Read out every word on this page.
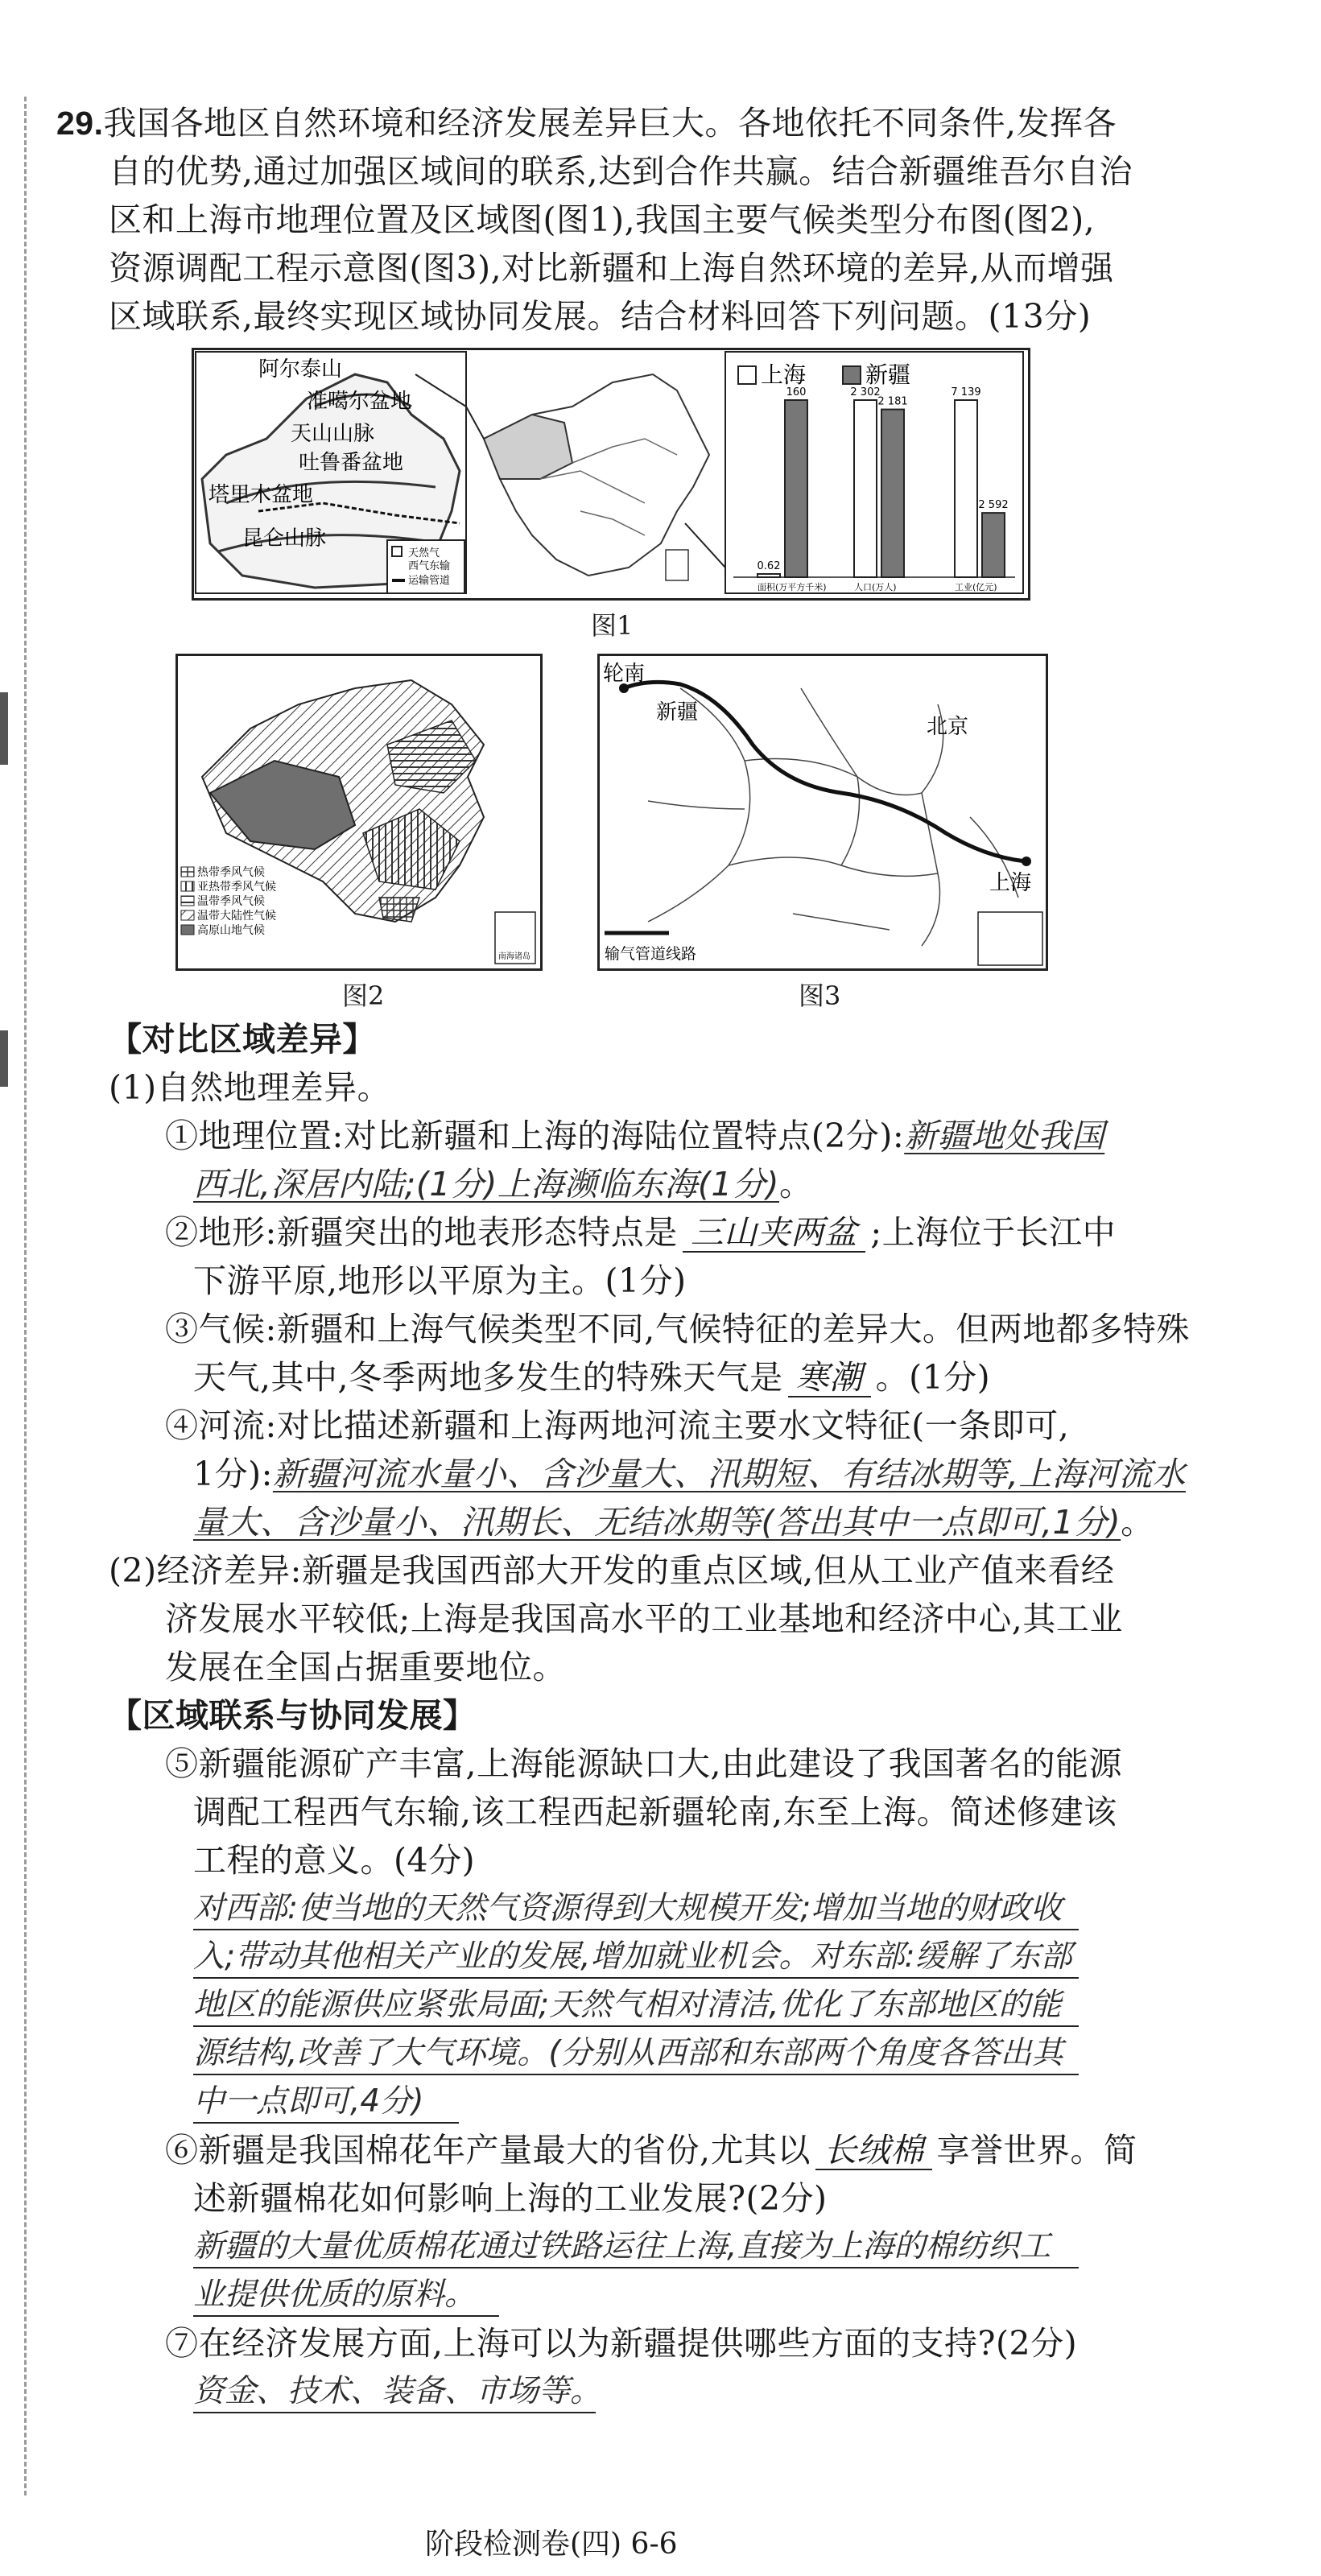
29.我国各地区自然环境和经济发展差异巨大。各地依托不同条件,发挥各
自的优势,通过加强区域间的联系,达到合作共赢。结合新疆维吾尔自治
区和上海市地理位置及区域图(图1),我国主要气候类型分布图(图2),
资源调配工程示意图(图3),对比新疆和上海自然环境的差异,从而增强
区域联系,最终实现区域协同发展。结合材料回答下列问题。(13分)
阿尔泰山
准噶尔盆地
天山山脉
吐鲁番盆地
塔里木盆地
昆仑山脉
天然气
西气东输
运输管道
上海	新疆
0.62
160	2 302
2 181
7 139
2 592
面积(万平方千米)	人口(万人)	工业(亿元)
图1
热带季风气候
亚热带季风气候
温带季风气候
温带大陆性气候
高原山地气候
南海诸岛
图2
轮南
新疆
北京
上海
输气管道线路
图3
【对比区域差异】
(1)自然地理差异。
①地理位置:对比新疆和上海的海陆位置特点(2分):新疆地处我国
西北,深居内陆;(1分)上海濒临东海(1分)。
②地形:新疆突出的地表形态特点是 三山夹两盆 ;上海位于长江中
下游平原,地形以平原为主。(1分)
③气候:新疆和上海气候类型不同,气候特征的差异大。但两地都多特殊
天气,其中,冬季两地多发生的特殊天气是 寒潮 。(1分)
④河流:对比描述新疆和上海两地河流主要水文特征(一条即可,
1分):新疆河流水量小、含沙量大、汛期短、有结冰期等,上海河流水
量大、含沙量小、汛期长、无结冰期等(答出其中一点即可,1分)。
(2)经济差异:新疆是我国西部大开发的重点区域,但从工业产值来看经
济发展水平较低;上海是我国高水平的工业基地和经济中心,其工业
发展在全国占据重要地位。
【区域联系与协同发展】
⑤新疆能源矿产丰富,上海能源缺口大,由此建设了我国著名的能源
调配工程西气东输,该工程西起新疆轮南,东至上海。简述修建该
工程的意义。(4分)
对西部:使当地的天然气资源得到大规模开发;增加当地的财政收
入;带动其他相关产业的发展,增加就业机会。对东部:缓解了东部
地区的能源供应紧张局面;天然气相对清洁,优化了东部地区的能
源结构,改善了大气环境。(分别从西部和东部两个角度各答出其
中一点即可,4分)
⑥新疆是我国棉花年产量最大的省份,尤其以 长绒棉 享誉世界。简
述新疆棉花如何影响上海的工业发展?(2分)
新疆的大量优质棉花通过铁路运往上海,直接为上海的棉纺织工
业提供优质的原料。
⑦在经济发展方面,上海可以为新疆提供哪些方面的支持?(2分)
资金、技术、装备、市场等。
阶段检测卷(四) 6-6
